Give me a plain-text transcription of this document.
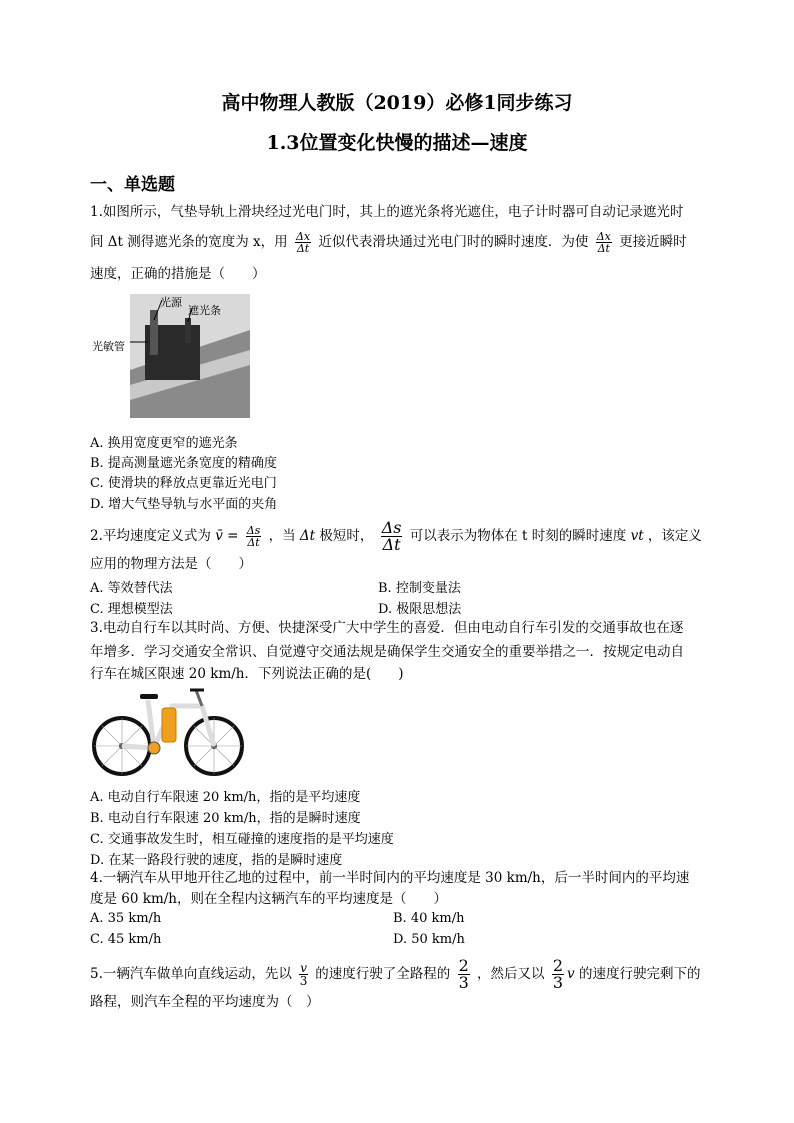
高中物理人教版（2019）必修1同步练习
1.3位置变化快慢的描述—速度
一、单选题
1.如图所示，气垫导轨上滑块经过光电门时，其上的遮光条将光遮住，电子计时器可自动记录遮光时
间 Δt 测得遮光条的宽度为 x，用 $\frac{\Delta x}{\Delta t}$ 近似代表滑块通过光电门时的瞬时速度．为使 $\frac{\Delta x}{\Delta t}$ 更接近瞬时
速度，正确的措施是（　　）
光源
遮光条
光敏管
A. 换用宽度更窄的遮光条
B. 提高测量遮光条宽度的精确度
C. 使滑块的释放点更靠近光电门
D. 增大气垫导轨与水平面的夹角
2.平均速度定义式为 v̄ = $\frac{\Delta s}{\Delta t}$ ，当 Δt 极短时， $\frac{\Delta s}{\Delta t}$ 可以表示为物体在 t 时刻的瞬时速度 vt ，该定义
应用的物理方法是（　　）
A. 等效替代法	B. 控制变量法
C. 理想模型法	D. 极限思想法
3.电动自行车以其时尚、方便、快捷深受广大中学生的喜爱．但由电动自行车引发的交通事故也在逐
年增多．学习交通安全常识、自觉遵守交通法规是确保学生交通安全的重要举措之一．按规定电动自
行车在城区限速 20 km/h．下列说法正确的是(　　)
A. 电动自行车限速 20 km/h，指的是平均速度
B. 电动自行车限速 20 km/h，指的是瞬时速度
C. 交通事故发生时，相互碰撞的速度指的是平均速度
D. 在某一路段行驶的速度，指的是瞬时速度
4.一辆汽车从甲地开往乙地的过程中，前一半时间内的平均速度是 30 km/h，后一半时间内的平均速
度是 60 km/h，则在全程内这辆汽车的平均速度是（　　）
A. 35 km/h	B. 40 km/h
C. 45 km/h	D. 50 km/h
5.一辆汽车做单向直线运动，先以 $\frac{v}{3}$ 的速度行驶了全路程的 $\frac{2}{3}$ ，然后又以 $\frac{2}{3}$ v 的速度行驶完剩下的
路程，则汽车全程的平均速度为（　）
